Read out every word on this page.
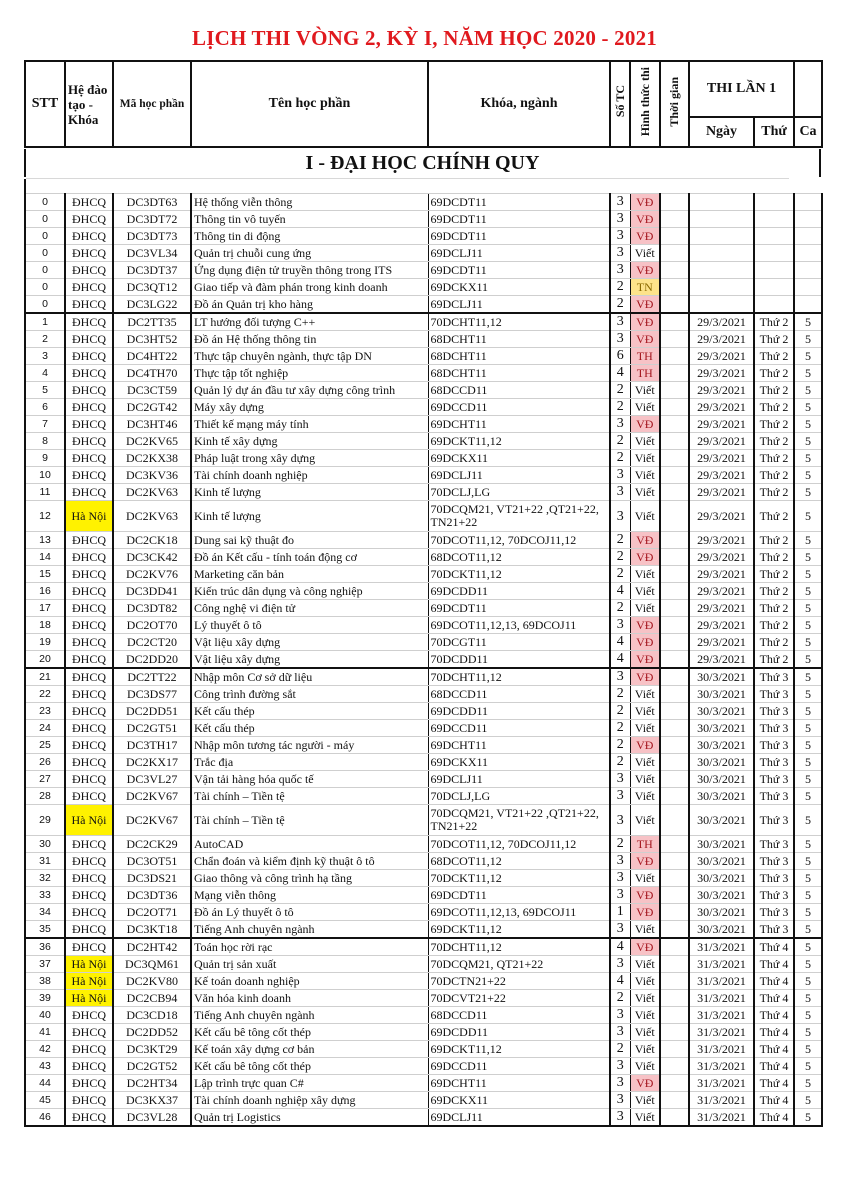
LỊCH THI VÒNG 2, KỲ I, NĂM HỌC 2020 - 2021
STT	Hệ đào tạo - Khóa	Mã học phần	Tên học phần	Khóa, ngành	Số TC	Hình thức thi	Thời gian	THI LẦN 1		
								Ngày	Thứ	Ca
I - ĐẠI HỌC CHÍNH QUY
0	ĐHCQ	DC3DT63	Hệ thống viễn thông	69DCDT11	3	VĐ				
0	ĐHCQ	DC3DT72	Thông tin vô tuyến	69DCDT11	3	VĐ				
0	ĐHCQ	DC3DT73	Thông tin di động	69DCDT11	3	VĐ				
0	ĐHCQ	DC3VL34	Quản trị chuỗi cung ứng	69DCLJ11	3	Viết				
0	ĐHCQ	DC3DT37	Ứng dụng điện tử truyền thông trong ITS	69DCDT11	3	VĐ				
0	ĐHCQ	DC3QT12	Giao tiếp và đàm phán trong kinh doanh	69DCKX11	2	TN				
0	ĐHCQ	DC3LG22	Đồ án Quản trị kho hàng	69DCLJ11	2	VĐ				
1	ĐHCQ	DC2TT35	LT hướng đối tượng C++	70DCHT11,12	3	VĐ		29/3/2021	Thứ 2	5
2	ĐHCQ	DC3HT52	Đồ án Hệ thống thông tin	68DCHT11	3	VĐ		29/3/2021	Thứ 2	5
3	ĐHCQ	DC4HT22	Thực tập chuyên ngành, thực tập DN	68DCHT11	6	TH		29/3/2021	Thứ 2	5
4	ĐHCQ	DC4TH70	Thực tập tốt nghiệp	68DCHT11	4	TH		29/3/2021	Thứ 2	5
5	ĐHCQ	DC3CT59	Quản lý dự án đầu tư xây dựng công trình	68DCCD11	2	Viết		29/3/2021	Thứ 2	5
6	ĐHCQ	DC2GT42	Máy xây dựng	69DCCD11	2	Viết		29/3/2021	Thứ 2	5
7	ĐHCQ	DC3HT46	Thiết kế mạng máy tính	69DCHT11	3	VĐ		29/3/2021	Thứ 2	5
8	ĐHCQ	DC2KV65	Kinh tế xây dựng	69DCKT11,12	2	Viết		29/3/2021	Thứ 2	5
9	ĐHCQ	DC2KX38	Pháp luật trong xây dựng	69DCKX11	2	Viết		29/3/2021	Thứ 2	5
10	ĐHCQ	DC3KV36	Tài chính doanh nghiệp	69DCLJ11	3	Viết		29/3/2021	Thứ 2	5
11	ĐHCQ	DC2KV63	Kinh tế lượng	70DCLJ,LG	3	Viết		29/3/2021	Thứ 2	5
12	Hà Nội	DC2KV63	Kinh tế lượng	70DCQM21, VT21+22 ,QT21+22, TN21+22	3	Viết		29/3/2021	Thứ 2	5
13	ĐHCQ	DC2CK18	Dung sai kỹ thuật đo	70DCOT11,12, 70DCOJ11,12	2	VĐ		29/3/2021	Thứ 2	5
14	ĐHCQ	DC3CK42	Đồ án Kết cấu - tính toán động cơ	68DCOT11,12	2	VĐ		29/3/2021	Thứ 2	5
15	ĐHCQ	DC2KV76	Marketing căn bản	70DCKT11,12	2	Viết		29/3/2021	Thứ 2	5
16	ĐHCQ	DC3DD41	Kiến trúc dân dụng và công nghiệp	69DCDD11	4	Viết		29/3/2021	Thứ 2	5
17	ĐHCQ	DC3DT82	Công nghệ vi điện tử	69DCDT11	2	Viết		29/3/2021	Thứ 2	5
18	ĐHCQ	DC2OT70	Lý thuyết ô tô	69DCOT11,12,13, 69DCOJ11	3	VĐ		29/3/2021	Thứ 2	5
19	ĐHCQ	DC2CT20	Vật liệu xây dựng	70DCGT11	4	VĐ		29/3/2021	Thứ 2	5
20	ĐHCQ	DC2DD20	Vật liệu xây dựng	70DCDD11	4	VĐ		29/3/2021	Thứ 2	5
21	ĐHCQ	DC2TT22	Nhập môn Cơ sở dữ liệu	70DCHT11,12	3	VĐ		30/3/2021	Thứ 3	5
22	ĐHCQ	DC3DS77	Công trình đường sắt	68DCCD11	2	Viết		30/3/2021	Thứ 3	5
23	ĐHCQ	DC2DD51	Kết cấu thép	69DCDD11	2	Viết		30/3/2021	Thứ 3	5
24	ĐHCQ	DC2GT51	Kết cấu thép	69DCCD11	2	Viết		30/3/2021	Thứ 3	5
25	ĐHCQ	DC3TH17	Nhập môn tương tác người - máy	69DCHT11	2	VĐ		30/3/2021	Thứ 3	5
26	ĐHCQ	DC2KX17	Trắc địa	69DCKX11	2	Viết		30/3/2021	Thứ 3	5
27	ĐHCQ	DC3VL27	Vận tải hàng hóa quốc tế	69DCLJ11	3	Viết		30/3/2021	Thứ 3	5
28	ĐHCQ	DC2KV67	Tài chính – Tiền tệ	70DCLJ,LG	3	Viết		30/3/2021	Thứ 3	5
29	Hà Nội	DC2KV67	Tài chính – Tiền tệ	70DCQM21, VT21+22 ,QT21+22, TN21+22	3	Viết		30/3/2021	Thứ 3	5
30	ĐHCQ	DC2CK29	AutoCAD	70DCOT11,12, 70DCOJ11,12	2	TH		30/3/2021	Thứ 3	5
31	ĐHCQ	DC3OT51	Chẩn đoán và kiểm định kỹ thuật ô tô	68DCOT11,12	3	VĐ		30/3/2021	Thứ 3	5
32	ĐHCQ	DC3DS21	Giao thông và công trình hạ tầng	70DCKT11,12	3	Viết		30/3/2021	Thứ 3	5
33	ĐHCQ	DC3DT36	Mạng viễn thông	69DCDT11	3	VĐ		30/3/2021	Thứ 3	5
34	ĐHCQ	DC2OT71	Đồ án Lý thuyết ô tô	69DCOT11,12,13, 69DCOJ11	1	VĐ		30/3/2021	Thứ 3	5
35	ĐHCQ	DC3KT18	Tiếng Anh chuyên ngành	69DCKT11,12	3	Viết		30/3/2021	Thứ 3	5
36	ĐHCQ	DC2HT42	Toán học rời rạc	70DCHT11,12	4	VĐ		31/3/2021	Thứ 4	5
37	Hà Nội	DC3QM61	Quản trị sản xuất	70DCQM21, QT21+22	3	Viết		31/3/2021	Thứ 4	5
38	Hà Nội	DC2KV80	Kế toán doanh nghiệp	70DCTN21+22	4	Viết		31/3/2021	Thứ 4	5
39	Hà Nội	DC2CB94	Văn hóa kinh doanh	70DCVT21+22	2	Viết		31/3/2021	Thứ 4	5
40	ĐHCQ	DC3CD18	Tiếng Anh chuyên ngành	68DCCD11	3	Viết		31/3/2021	Thứ 4	5
41	ĐHCQ	DC2DD52	Kết cấu bê tông cốt thép	69DCDD11	3	Viết		31/3/2021	Thứ 4	5
42	ĐHCQ	DC3KT29	Kế toán xây dựng cơ bản	69DCKT11,12	2	Viết		31/3/2021	Thứ 4	5
43	ĐHCQ	DC2GT52	Kết cấu bê tông cốt thép	69DCCD11	3	Viết		31/3/2021	Thứ 4	5
44	ĐHCQ	DC2HT34	Lập trình trực quan C#	69DCHT11	3	VĐ		31/3/2021	Thứ 4	5
45	ĐHCQ	DC3KX37	Tài chính doanh nghiệp xây dựng	69DCKX11	3	Viết		31/3/2021	Thứ 4	5
46	ĐHCQ	DC3VL28	Quản trị Logistics	69DCLJ11	3	Viết		31/3/2021	Thứ 4	5
